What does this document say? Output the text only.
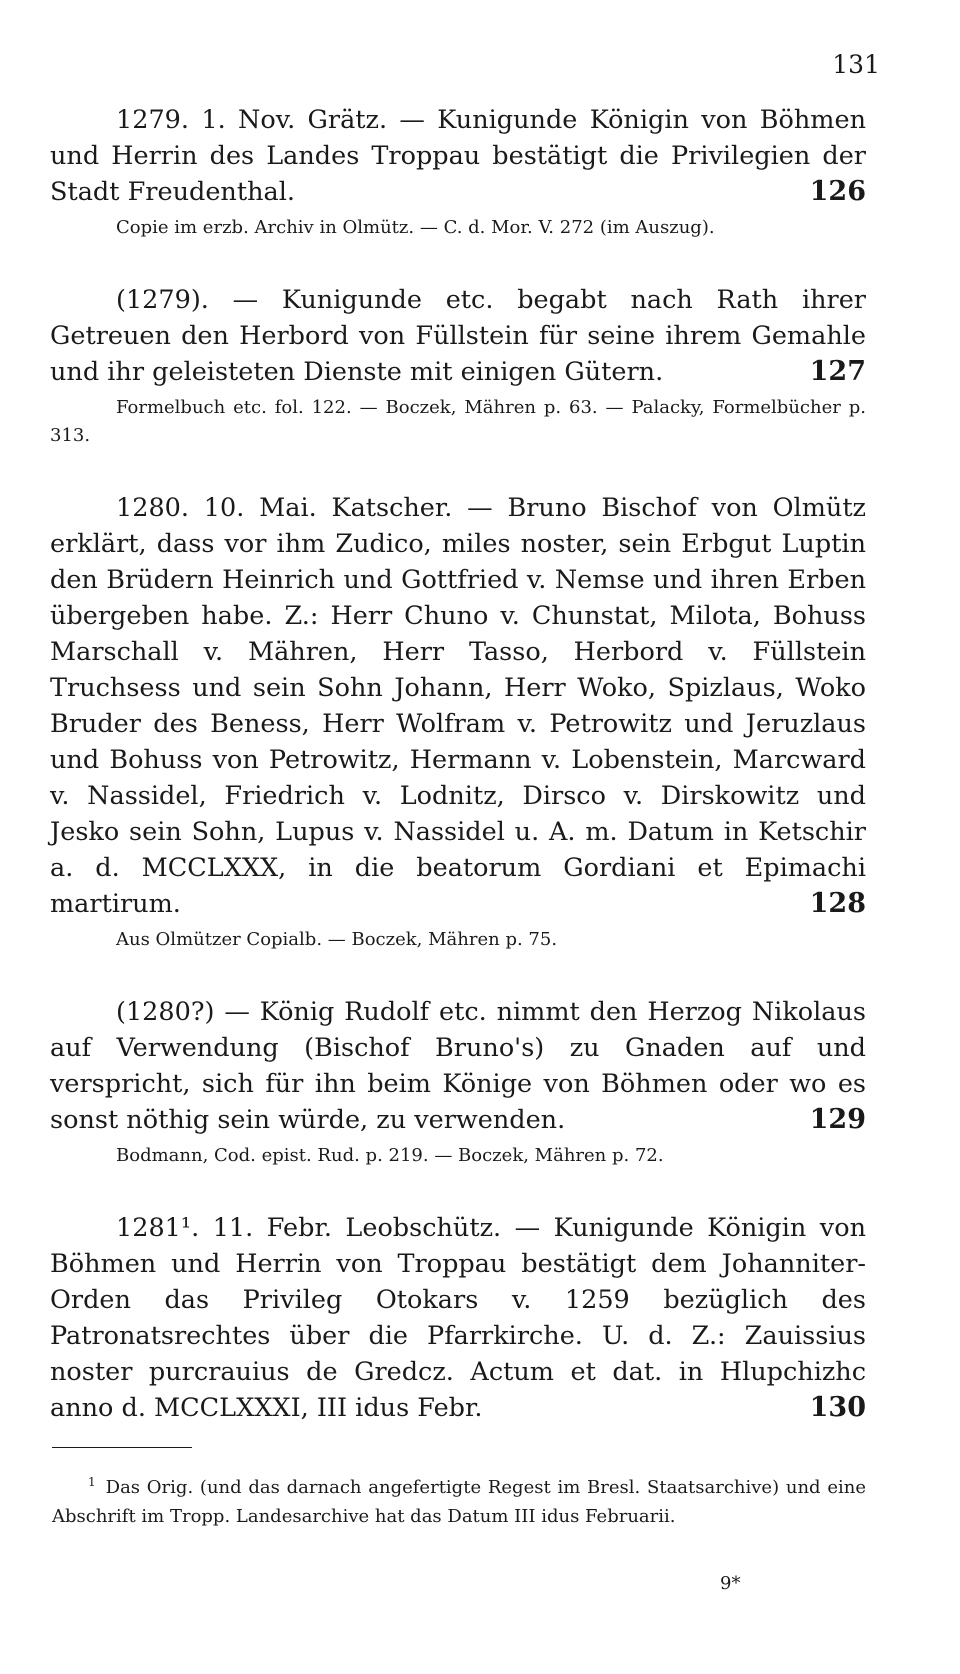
131

1279. 1. Nov. Grätz. — Kunigunde Königin von Böhmen und Herrin des Landes Troppau bestätigt die Privilegien der Stadt Freudenthal.	126

Copie im erzb. Archiv in Olmütz. — C. d. Mor. V. 272 (im Auszug).

(1279). — Kunigunde etc. begabt nach Rath ihrer Getreuen den Herbord von Füllstein für seine ihrem Gemahle und ihr geleisteten Dienste mit einigen Gütern.	127

Formelbuch etc. fol. 122. — Boczek, Mähren p. 63. — Palacky, Formelbücher p. 313.

1280. 10. Mai. Katscher. — Bruno Bischof von Olmütz erklärt, dass vor ihm Zudico, miles noster, sein Erbgut Luptin den Brüdern Heinrich und Gottfried v. Nemse und ihren Erben übergeben habe. Z.: Herr Chuno v. Chunstat, Milota, Bohuss Marschall v. Mähren, Herr Tasso, Herbord v. Füllstein Truchsess und sein Sohn Johann, Herr Woko, Spizlaus, Woko Bruder des Beness, Herr Wolfram v. Petrowitz und Jeruzlaus und Bohuss von Petrowitz, Hermann v. Lobenstein, Marcward v. Nassidel, Friedrich v. Lodnitz, Dirsco v. Dirskowitz und Jesko sein Sohn, Lupus v. Nassidel u. A. m. Datum in Ketschir a. d. MCCLXXX, in die beatorum Gordiani et Epimachi martirum.	128

Aus Olmützer Copialb. — Boczek, Mähren p. 75.

(1280?) — König Rudolf etc. nimmt den Herzog Nikolaus auf Verwendung (Bischof Bruno's) zu Gnaden auf und verspricht, sich für ihn beim Könige von Böhmen oder wo es sonst nöthig sein würde, zu verwenden.	129

Bodmann, Cod. epist. Rud. p. 219. — Boczek, Mähren p. 72.

1281¹. 11. Febr. Leobschütz. — Kunigunde Königin von Böhmen und Herrin von Troppau bestätigt dem Johanniter-Orden das Privileg Otokars v. 1259 bezüglich des Patronatsrechtes über die Pfarrkirche. U. d. Z.: Zauissius noster purcrauius de Gredcz. Actum et dat. in Hlupchizhc anno d. MCCLXXXI, III idus Febr.	130

$^1$ Das Orig. (und das darnach angefertigte Regest im Bresl. Staatsarchive) und eine Abschrift im Tropp. Landesarchive hat das Datum III idus Februarii.

9*
